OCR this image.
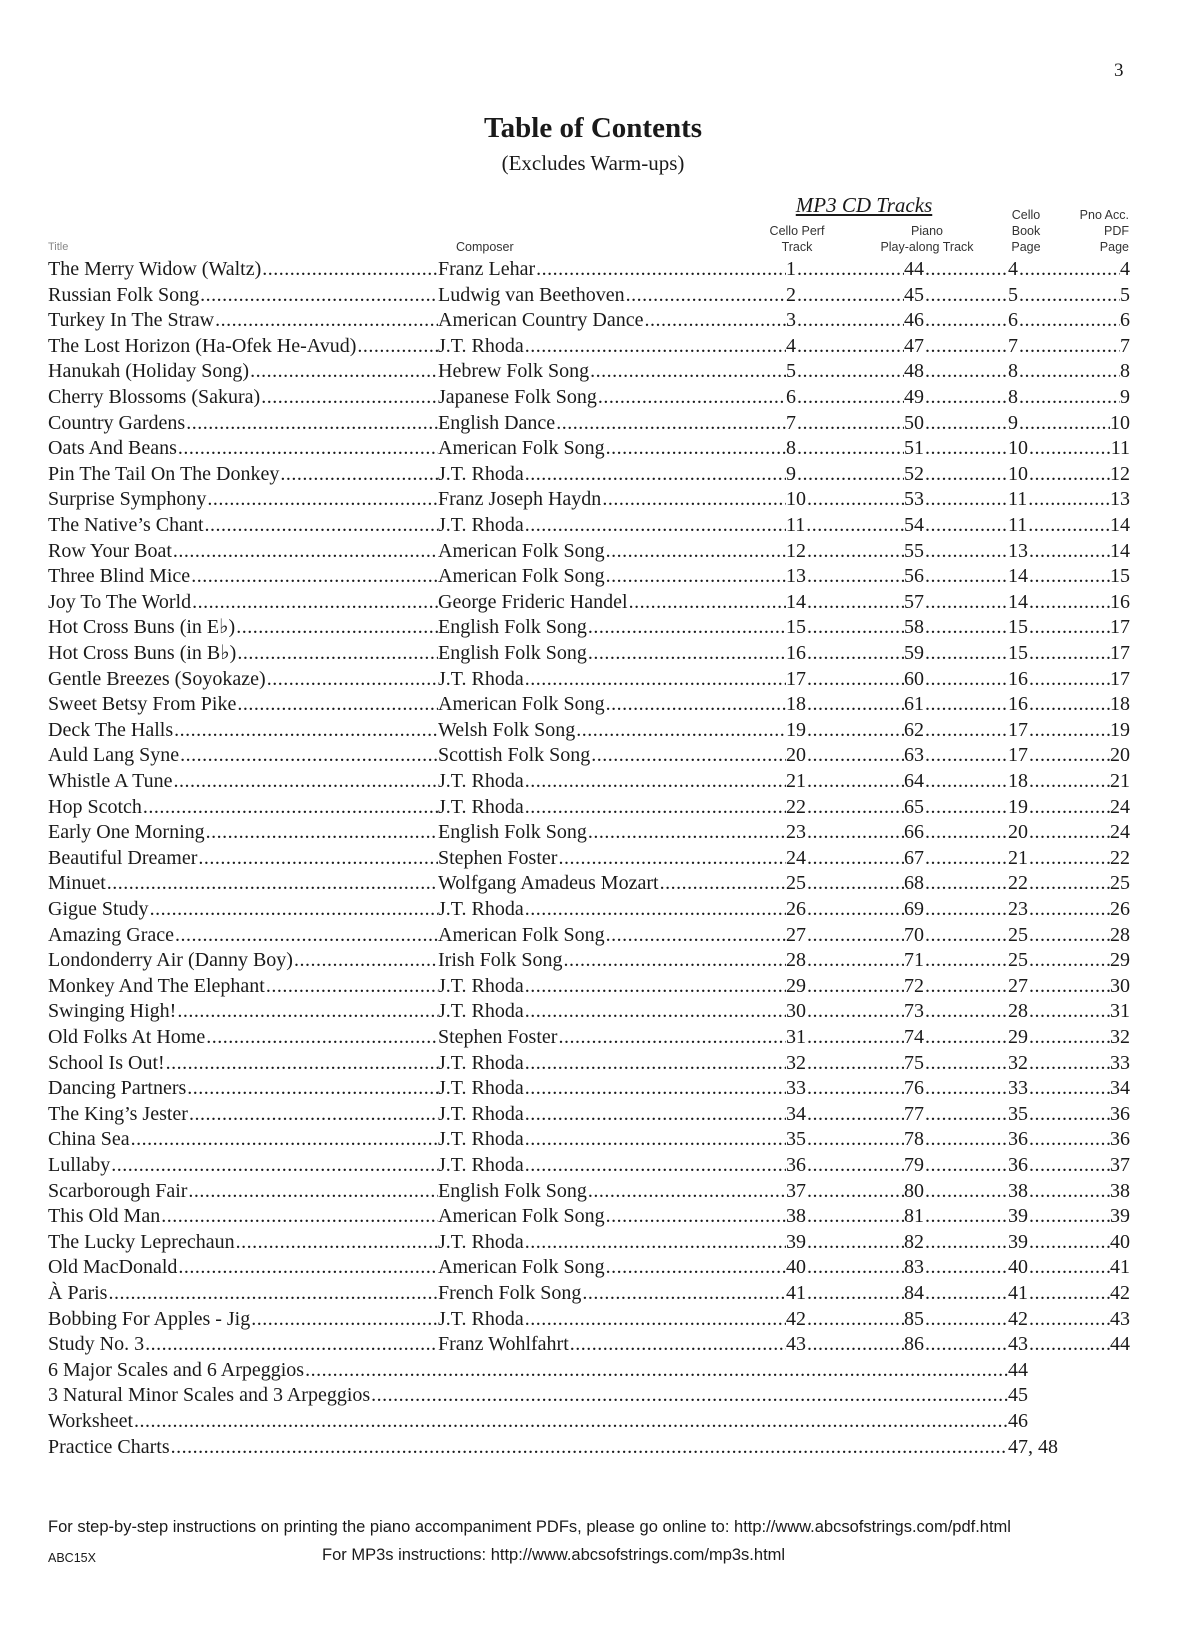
3
Table of Contents
(Excludes Warm-ups)
MP3 CD Tracks
Title	Composer
Cello Perf
Track
Piano
Play-along Track
Cello
Book
Page
Pno Acc.
PDF
Page
The Merry Widow (Waltz) .....	Franz Lehar .....	1 .....	44 .....	4 .....	4
Russian Folk Song .....	Ludwig van Beethoven .....	2 .....	45 .....	5 .....	5
Turkey In The Straw .....	American Country Dance .....	3 .....	46 .....	6 .....	6
The Lost Horizon (Ha-Ofek He-Avud) .....	J.T. Rhoda .....	4 .....	47 .....	7 .....	7
Hanukah (Holiday Song) .....	Hebrew Folk Song .....	5 .....	48 .....	8 .....	8
Cherry Blossoms (Sakura) .....	Japanese Folk Song .....	6 .....	49 .....	8 .....	9
Country Gardens .....	English Dance .....	7 .....	50 .....	9 .....	10
Oats And Beans .....	American Folk Song .....	8 .....	51 .....	10 .....	11
Pin The Tail On The Donkey .....	J.T. Rhoda .....	9 .....	52 .....	10 .....	12
Surprise Symphony .....	Franz Joseph Haydn .....	10 .....	53 .....	11 .....	13
The Native’s Chant .....	J.T. Rhoda .....	11 .....	54 .....	11 .....	14
Row Your Boat .....	American Folk Song .....	12 .....	55 .....	13 .....	14
Three Blind Mice .....	American Folk Song .....	13 .....	56 .....	14 .....	15
Joy To The World .....	George Frideric Handel .....	14 .....	57 .....	14 .....	16
Hot Cross Buns (in E♭) .....	English Folk Song .....	15 .....	58 .....	15 .....	17
Hot Cross Buns (in B♭) .....	English Folk Song .....	16 .....	59 .....	15 .....	17
Gentle Breezes (Soyokaze) .....	J.T. Rhoda .....	17 .....	60 .....	16 .....	17
Sweet Betsy From Pike .....	American Folk Song .....	18 .....	61 .....	16 .....	18
Deck The Halls .....	Welsh Folk Song .....	19 .....	62 .....	17 .....	19
Auld Lang Syne .....	Scottish Folk Song .....	20 .....	63 .....	17 .....	20
Whistle A Tune .....	J.T. Rhoda .....	21 .....	64 .....	18 .....	21
Hop Scotch .....	J.T. Rhoda .....	22 .....	65 .....	19 .....	24
Early One Morning .....	English Folk Song .....	23 .....	66 .....	20 .....	24
Beautiful Dreamer .....	Stephen Foster .....	24 .....	67 .....	21 .....	22
Minuet .....	Wolfgang Amadeus Mozart .....	25 .....	68 .....	22 .....	25
Gigue Study .....	J.T. Rhoda .....	26 .....	69 .....	23 .....	26
Amazing Grace .....	American Folk Song .....	27 .....	70 .....	25 .....	28
Londonderry Air (Danny Boy) .....	Irish Folk Song .....	28 .....	71 .....	25 .....	29
Monkey And The Elephant .....	J.T. Rhoda .....	29 .....	72 .....	27 .....	30
Swinging High! .....	J.T. Rhoda .....	30 .....	73 .....	28 .....	31
Old Folks At Home .....	Stephen Foster .....	31 .....	74 .....	29 .....	32
School Is Out! .....	J.T. Rhoda .....	32 .....	75 .....	32 .....	33
Dancing Partners .....	J.T. Rhoda .....	33 .....	76 .....	33 .....	34
The King’s Jester .....	J.T. Rhoda .....	34 .....	77 .....	35 .....	36
China Sea .....	J.T. Rhoda .....	35 .....	78 .....	36 .....	36
Lullaby .....	J.T. Rhoda .....	36 .....	79 .....	36 .....	37
Scarborough Fair .....	English Folk Song .....	37 .....	80 .....	38 .....	38
This Old Man .....	American Folk Song .....	38 .....	81 .....	39 .....	39
The Lucky Leprechaun .....	J.T. Rhoda .....	39 .....	82 .....	39 .....	40
Old MacDonald .....	American Folk Song .....	40 .....	83 .....	40 .....	41
À Paris .....	French Folk Song .....	41 .....	84 .....	41 .....	42
Bobbing For Apples - Jig .....	J.T. Rhoda .....	42 .....	85 .....	42 .....	43
Study No. 3 .....	Franz Wohlfahrt .....	43 .....	86 .....	43 .....	44
6 Major Scales and 6 Arpeggios .....	44
3 Natural Minor Scales and 3 Arpeggios .....	45
Worksheet .....	46
Practice Charts .....	47, 48
For step-by-step instructions on printing the piano accompaniment PDFs, please go online to: http://www.abcsofstrings.com/pdf.html
ABC15X	For MP3s instructions: http://www.abcsofstrings.com/mp3s.html
